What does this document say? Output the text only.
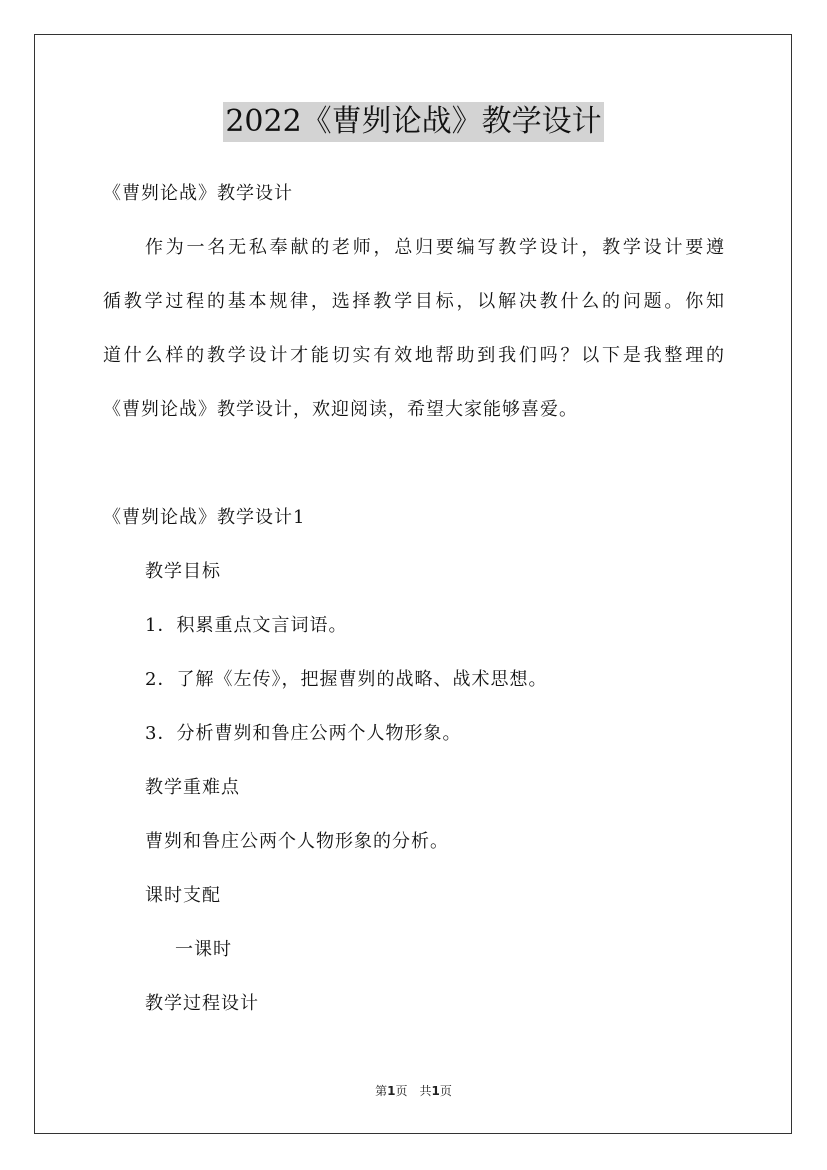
2022《曹刿论战》教学设计
《曹刿论战》教学设计
作为一名无私奉献的老师，总归要编写教学设计，教学设计要遵
循教学过程的基本规律，选择教学目标，以解决教什么的问题。你知
道什么样的教学设计才能切实有效地帮助到我们吗？以下是我整理的
《曹刿论战》教学设计，欢迎阅读，希望大家能够喜爱。
《曹刿论战》教学设计1
教学目标
1．积累重点文言词语。
2．了解《左传》，把握曹刿的战略、战术思想。
3．分析曹刿和鲁庄公两个人物形象。
教学重难点
曹刿和鲁庄公两个人物形象的分析。
课时支配
一课时
教学过程设计
第1页　共1页
